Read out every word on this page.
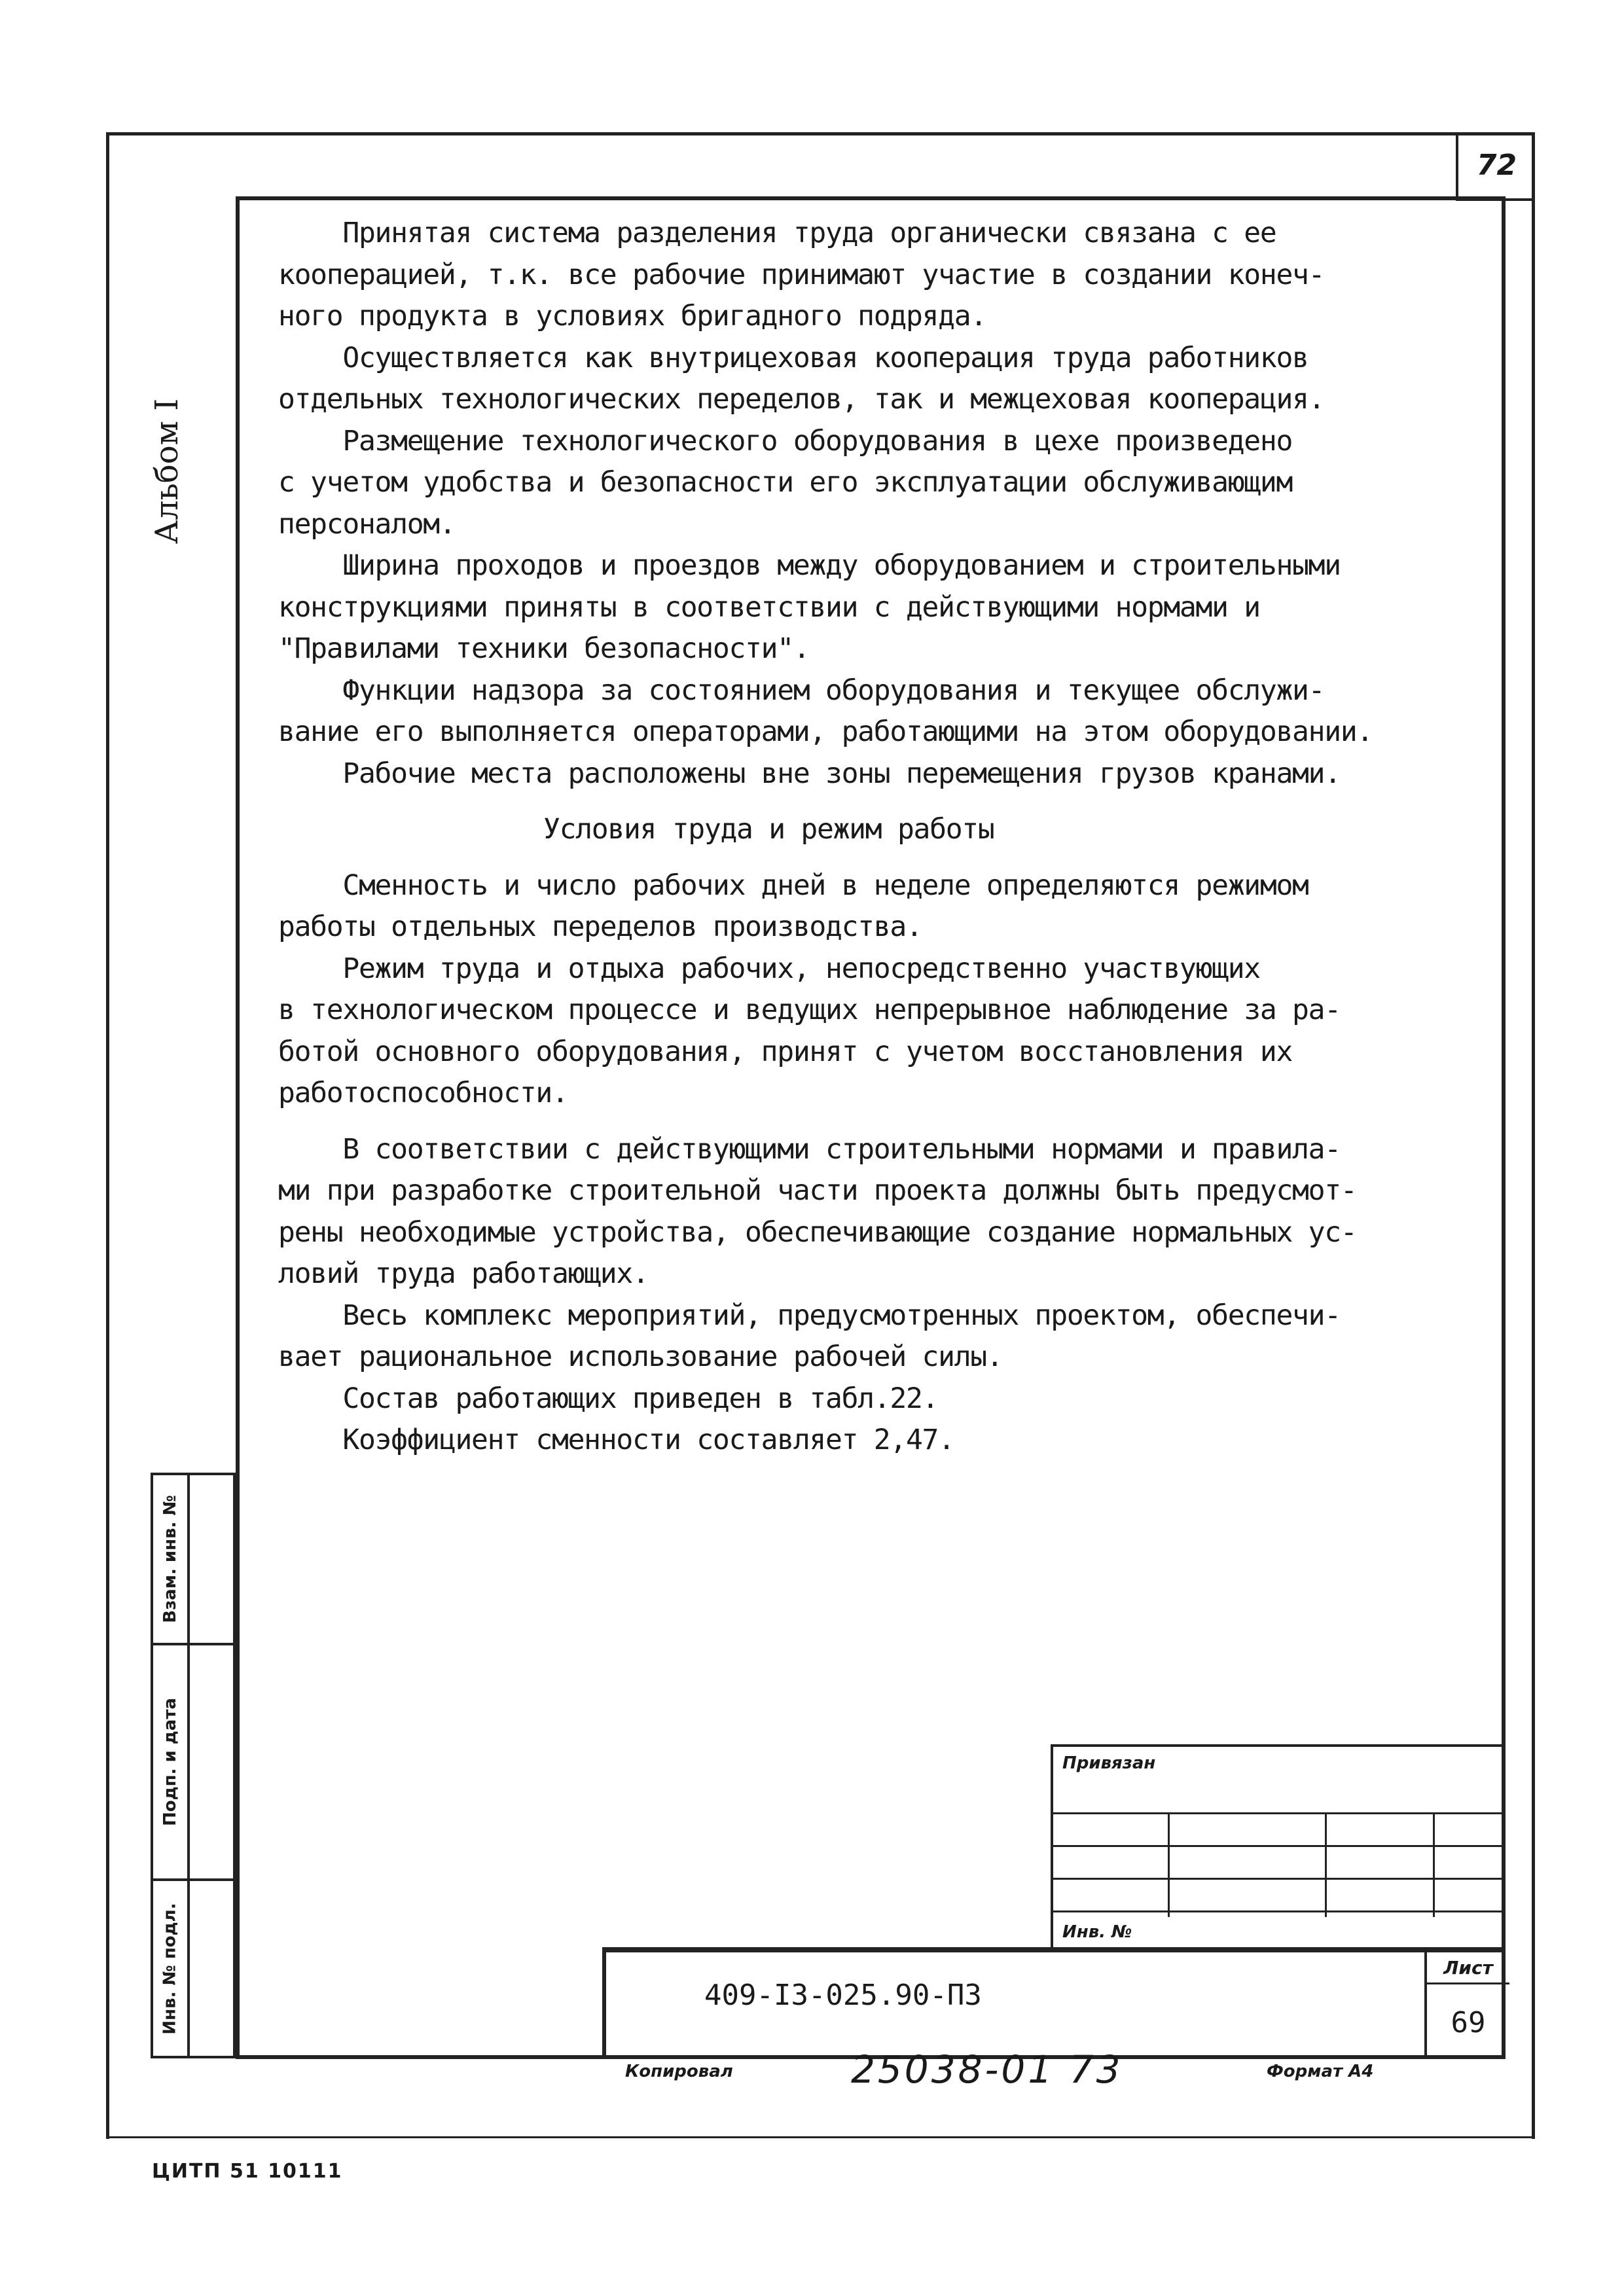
72
Альбом I
Принятая система разделения труда органически связана с ее
кооперацией, т.к. все рабочие принимают участие в создании конеч-
ного продукта в условиях бригадного подряда.
Осуществляется как внутрицеховая кооперация труда работников
отдельных технологических переделов, так и межцеховая кооперация.
Размещение технологического оборудования в цехе произведено
с учетом удобства и безопасности его эксплуатации обслуживающим
персоналом.
Ширина проходов и проездов между оборудованием и строительными
конструкциями приняты в соответствии с действующими нормами и
"Правилами техники безопасности".
Функции надзора за состоянием оборудования и текущее обслужи-
вание его выполняется операторами, работающими на этом оборудовании.
Рабочие места расположены вне зоны перемещения грузов кранами.
Условия труда и режим работы
Сменность и число рабочих дней в неделе определяются режимом
работы отдельных переделов производства.
Режим труда и отдыха рабочих, непосредственно участвующих
в технологическом процессе и ведущих непрерывное наблюдение за ра-
ботой основного оборудования, принят с учетом восстановления их
работоспособности.
В соответствии с действующими строительными нормами и правила-
ми при разработке строительной части проекта должны быть предусмот-
рены необходимые устройства, обеспечивающие создание нормальных ус-
ловий труда работающих.
Весь комплекс мероприятий, предусмотренных проектом, обеспечи-
вает рациональное использование рабочей силы.
Состав работающих приведен в табл.22.
Коэффициент сменности составляет 2,47.
Взам. инв. №
Подп. и дата
Инв. № подл.
Привязан
Инв. №
409-I3-025.90-ПЗ
Лист
69
Копировал	25038-01 73	Формат А4
ЦИТП 51 10111
